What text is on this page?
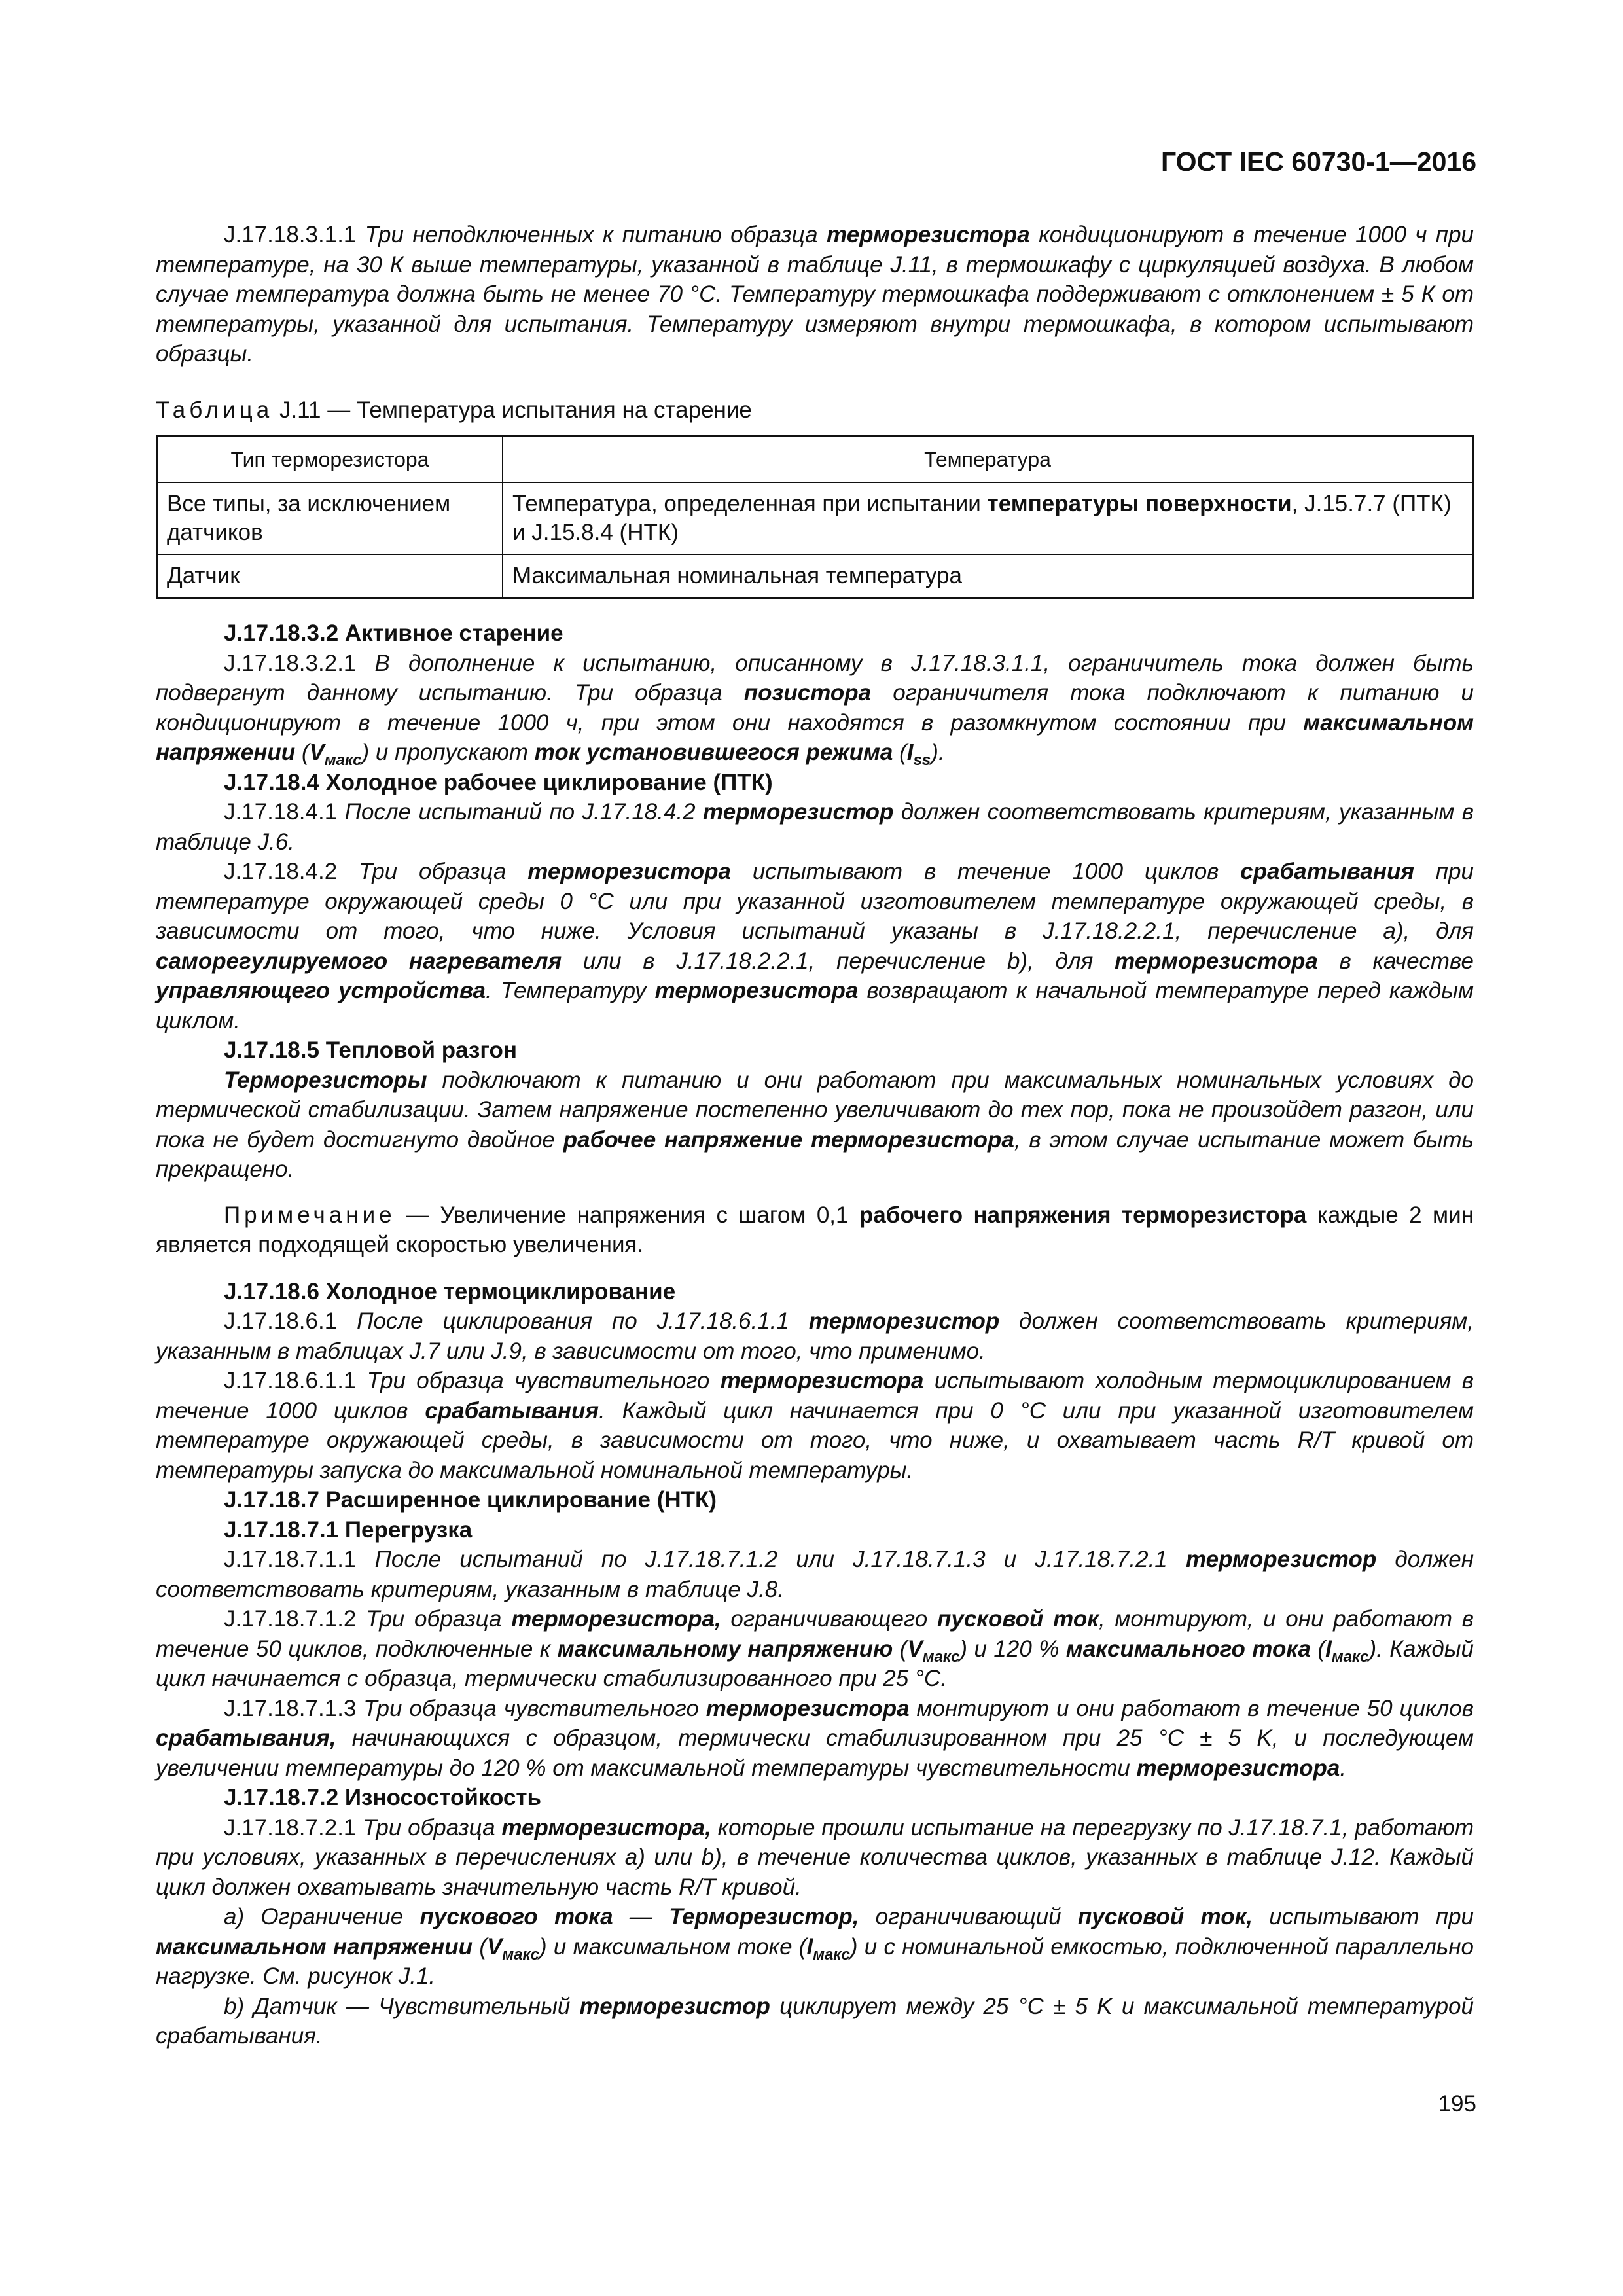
ГОСТ IEC 60730-1—2016

J.17.18.3.1.1 Три неподключенных к питанию образца терморезистора кондиционируют в течение 1000 ч при температуре, на 30 К выше температуры, указанной в таблице J.11, в термошкафу с циркуляцией воздуха. В любом случае температура должна быть не менее 70 °C. Температуру термошкафа поддерживают с отклонением ± 5 К от температуры, указанной для испытания. Температуру измеряют внутри термошкафа, в котором испытывают образцы.

Таблица J.11 — Температура испытания на старение

Тип терморезистора	Температура
Все типы, за исключением датчиков	Температура, определенная при испытании температуры поверхности, J.15.7.7 (ПТК) и J.15.8.4 (НТК)
Датчик	Максимальная номинальная температура

J.17.18.3.2 Активное старение

J.17.18.3.2.1 В дополнение к испытанию, описанному в J.17.18.3.1.1, ограничитель тока должен быть подвергнут данному испытанию. Три образца позистора ограничителя тока подключают к питанию и кондиционируют в течение 1000 ч, при этом они находятся в разомкнутом состоянии при максимальном напряжении $(V_{макс})$ и пропускают ток установившегося режима $(I_{ss})$.

J.17.18.4 Холодное рабочее циклирование (ПТК)

J.17.18.4.1 После испытаний по J.17.18.4.2 терморезистор должен соответствовать критериям, указанным в таблице J.6.

J.17.18.4.2 Три образца терморезистора испытывают в течение 1000 циклов срабатывания при температуре окружающей среды 0 °C или при указанной изготовителем температуре окружающей среды, в зависимости от того, что ниже. Условия испытаний указаны в J.17.18.2.2.1, перечисление a), для саморегулируемого нагревателя или в J.17.18.2.2.1, перечисление b), для терморезистора в качестве управляющего устройства. Температуру терморезистора возвращают к начальной температуре перед каждым циклом.

J.17.18.5 Тепловой разгон

Терморезисторы подключают к питанию и они работают при максимальных номинальных условиях до термической стабилизации. Затем напряжение постепенно увеличивают до тех пор, пока не произойдет разгон, или пока не будет достигнуто двойное рабочее напряжение терморезистора, в этом случае испытание может быть прекращено.

Примечание — Увеличение напряжения с шагом 0,1 рабочего напряжения терморезистора каждые 2 мин является подходящей скоростью увеличения.

J.17.18.6 Холодное термоциклирование

J.17.18.6.1 После циклирования по J.17.18.6.1.1 терморезистор должен соответствовать критериям, указанным в таблицах J.7 или J.9, в зависимости от того, что применимо.

J.17.18.6.1.1 Три образца чувствительного терморезистора испытывают холодным термоциклированием в течение 1000 циклов срабатывания. Каждый цикл начинается при 0 °C или при указанной изготовителем температуре окружающей среды, в зависимости от того, что ниже, и охватывает часть R/T кривой от температуры запуска до максимальной номинальной температуры.

J.17.18.7 Расширенное циклирование (НТК)

J.17.18.7.1 Перегрузка

J.17.18.7.1.1 После испытаний по J.17.18.7.1.2 или J.17.18.7.1.3 и J.17.18.7.2.1 терморезистор должен соответствовать критериям, указанным в таблице J.8.

J.17.18.7.1.2 Три образца терморезистора, ограничивающего пусковой ток, монтируют, и они работают в течение 50 циклов, подключенные к максимальному напряжению $(V_{макс})$ и 120 % максимального тока $(I_{макс})$. Каждый цикл начинается с образца, термически стабилизированного при 25 °C.

J.17.18.7.1.3 Три образца чувствительного терморезистора монтируют и они работают в течение 50 циклов срабатывания, начинающихся с образцом, термически стабилизированном при 25 °C ± 5 K, и последующем увеличении температуры до 120 % от максимальной температуры чувствительности терморезистора.

J.17.18.7.2 Износостойкость

J.17.18.7.2.1 Три образца терморезистора, которые прошли испытание на перегрузку по J.17.18.7.1, работают при условиях, указанных в перечислениях a) или b), в течение количества циклов, указанных в таблице J.12. Каждый цикл должен охватывать значительную часть R/T кривой.

a) Ограничение пускового тока — Терморезистор, ограничивающий пусковой ток, испытывают при максимальном напряжении $(V_{макс})$ и максимальном токе $(I_{макс})$ и с номинальной емкостью, подключенной параллельно нагрузке. См. рисунок J.1.

b) Датчик — Чувствительный терморезистор циклирует между 25 °C ± 5 K и максимальной температурой срабатывания.

195
